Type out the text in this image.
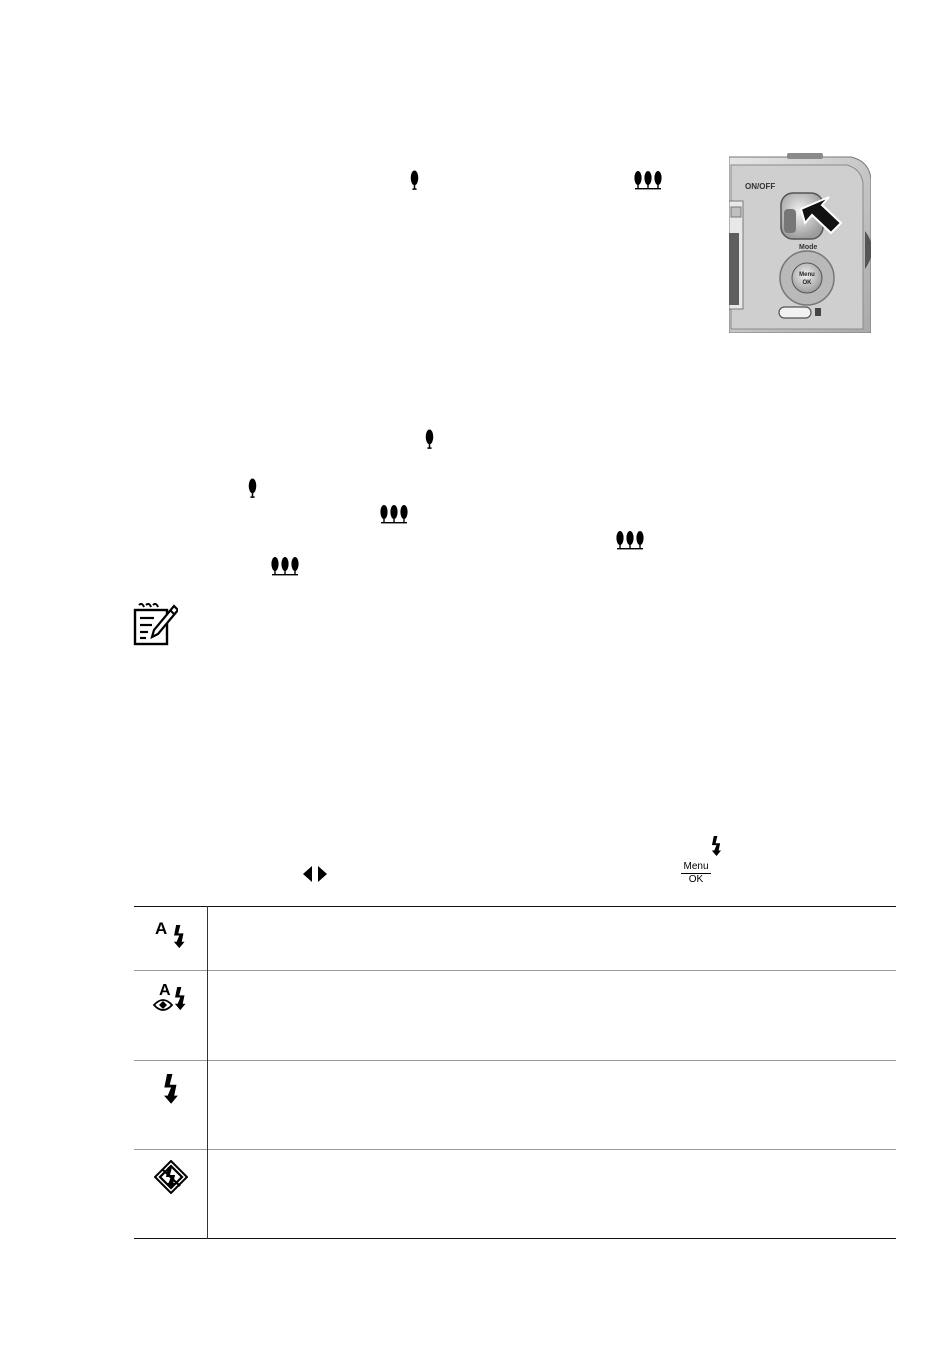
ON/OFF
Mode
Menu
OK
Menu
OK
A
A
